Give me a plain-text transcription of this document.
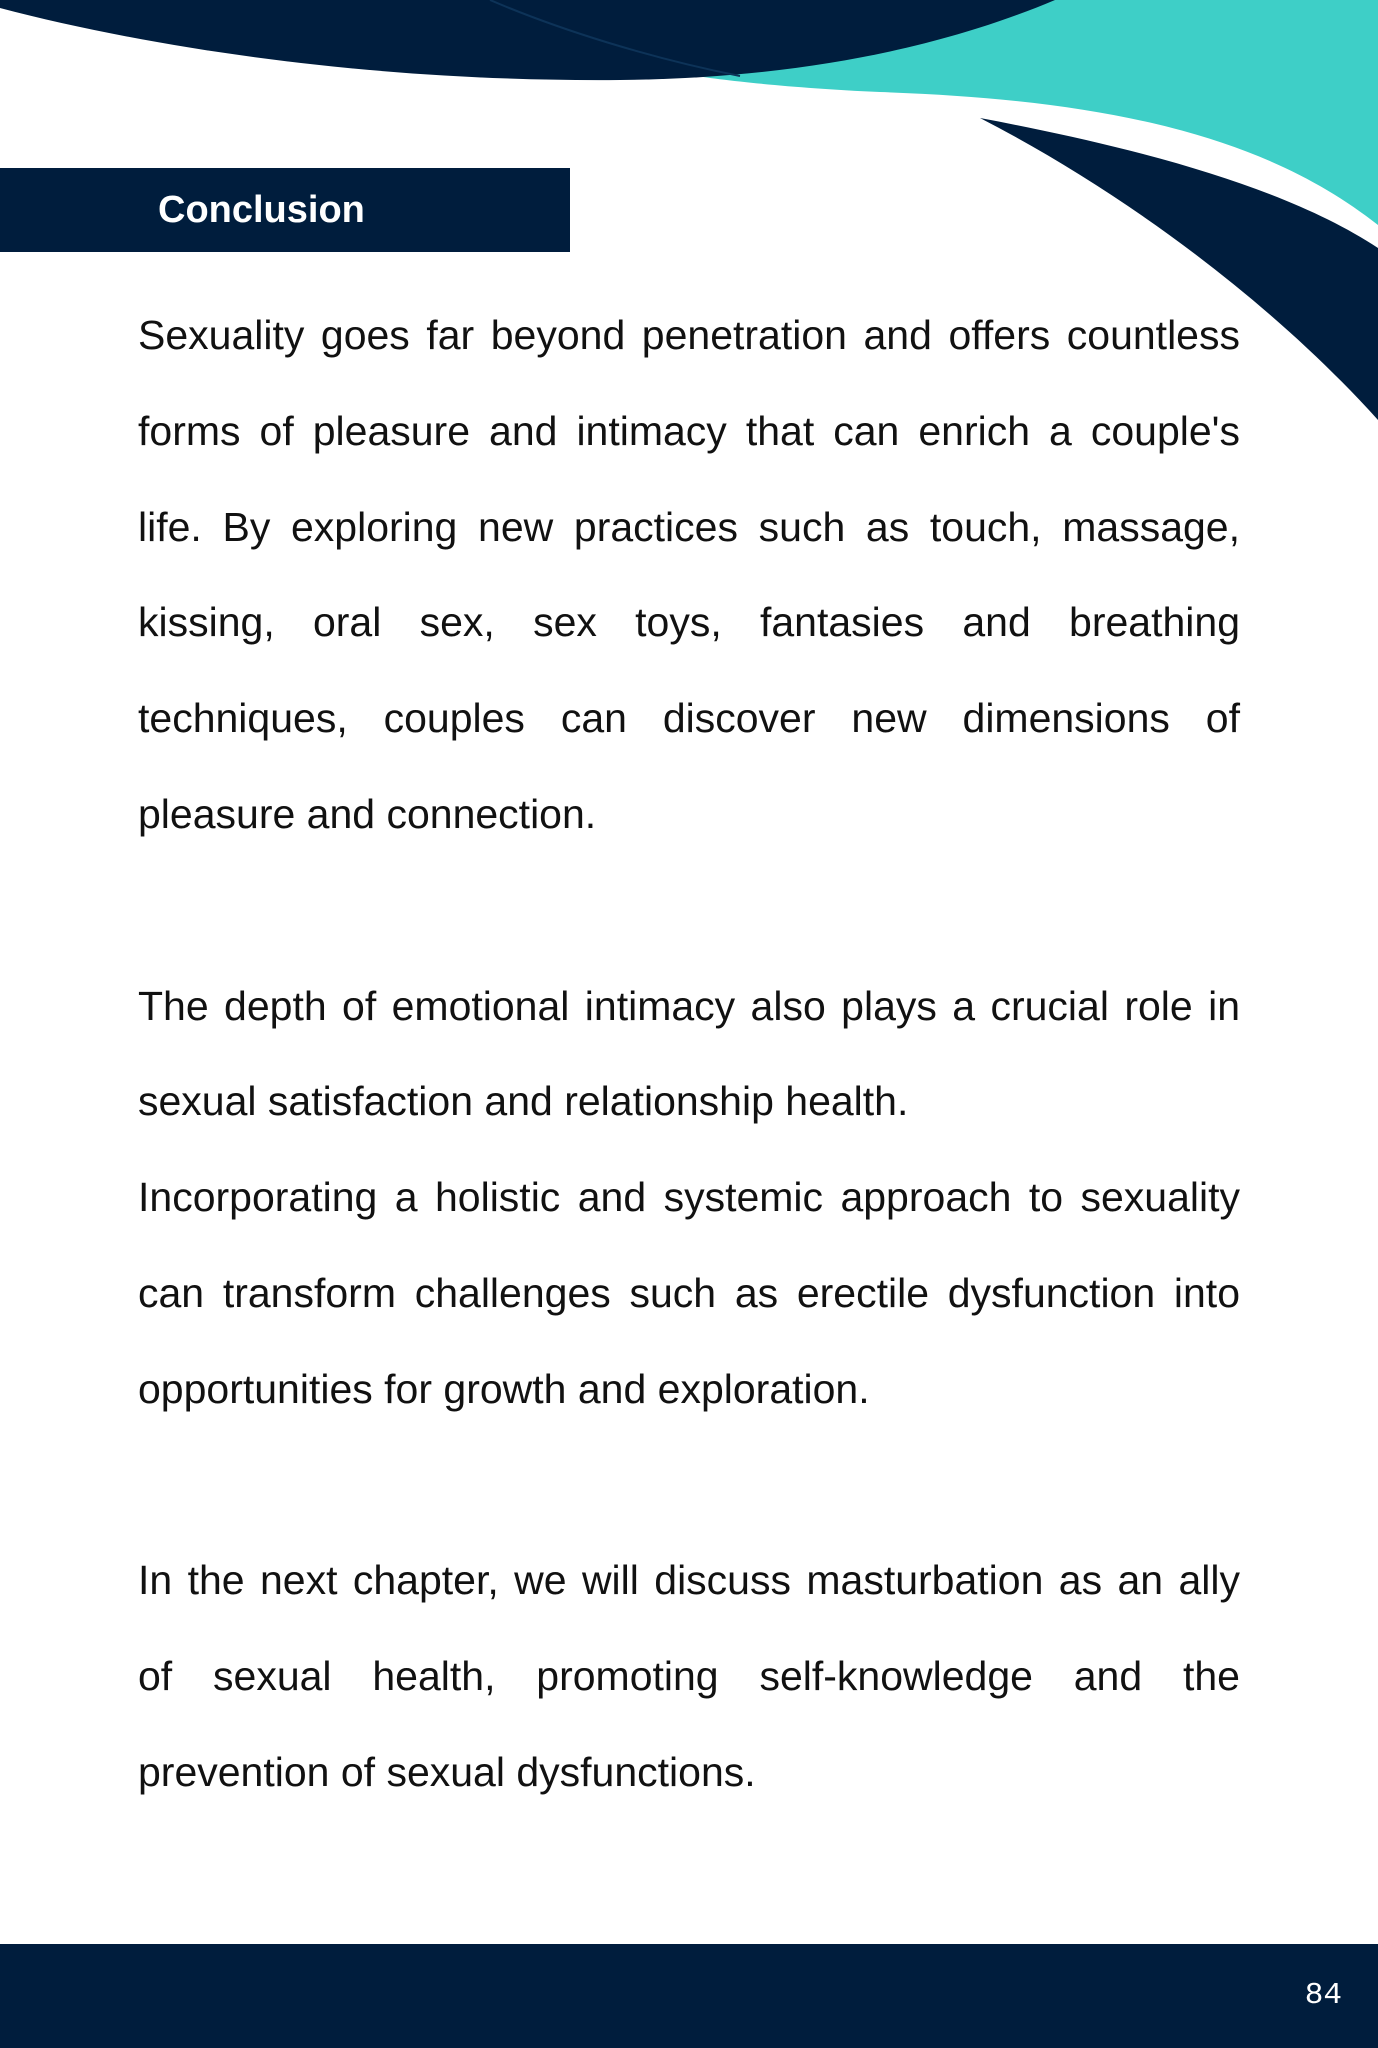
Conclusion

Sexuality goes far beyond penetration and offers countless forms of pleasure and intimacy that can enrich a couple's life. By exploring new practices such as touch, massage, kissing, oral sex, sex toys, fantasies and breathing techniques, couples can discover new dimensions of pleasure and connection.

The depth of emotional intimacy also plays a crucial role in sexual satisfaction and relationship health.

Incorporating a holistic and systemic approach to sexuality can transform challenges such as erectile dysfunction into opportunities for growth and exploration.

In the next chapter, we will discuss masturbation as an ally of sexual health, promoting self-knowledge and the prevention of sexual dysfunctions.

84
